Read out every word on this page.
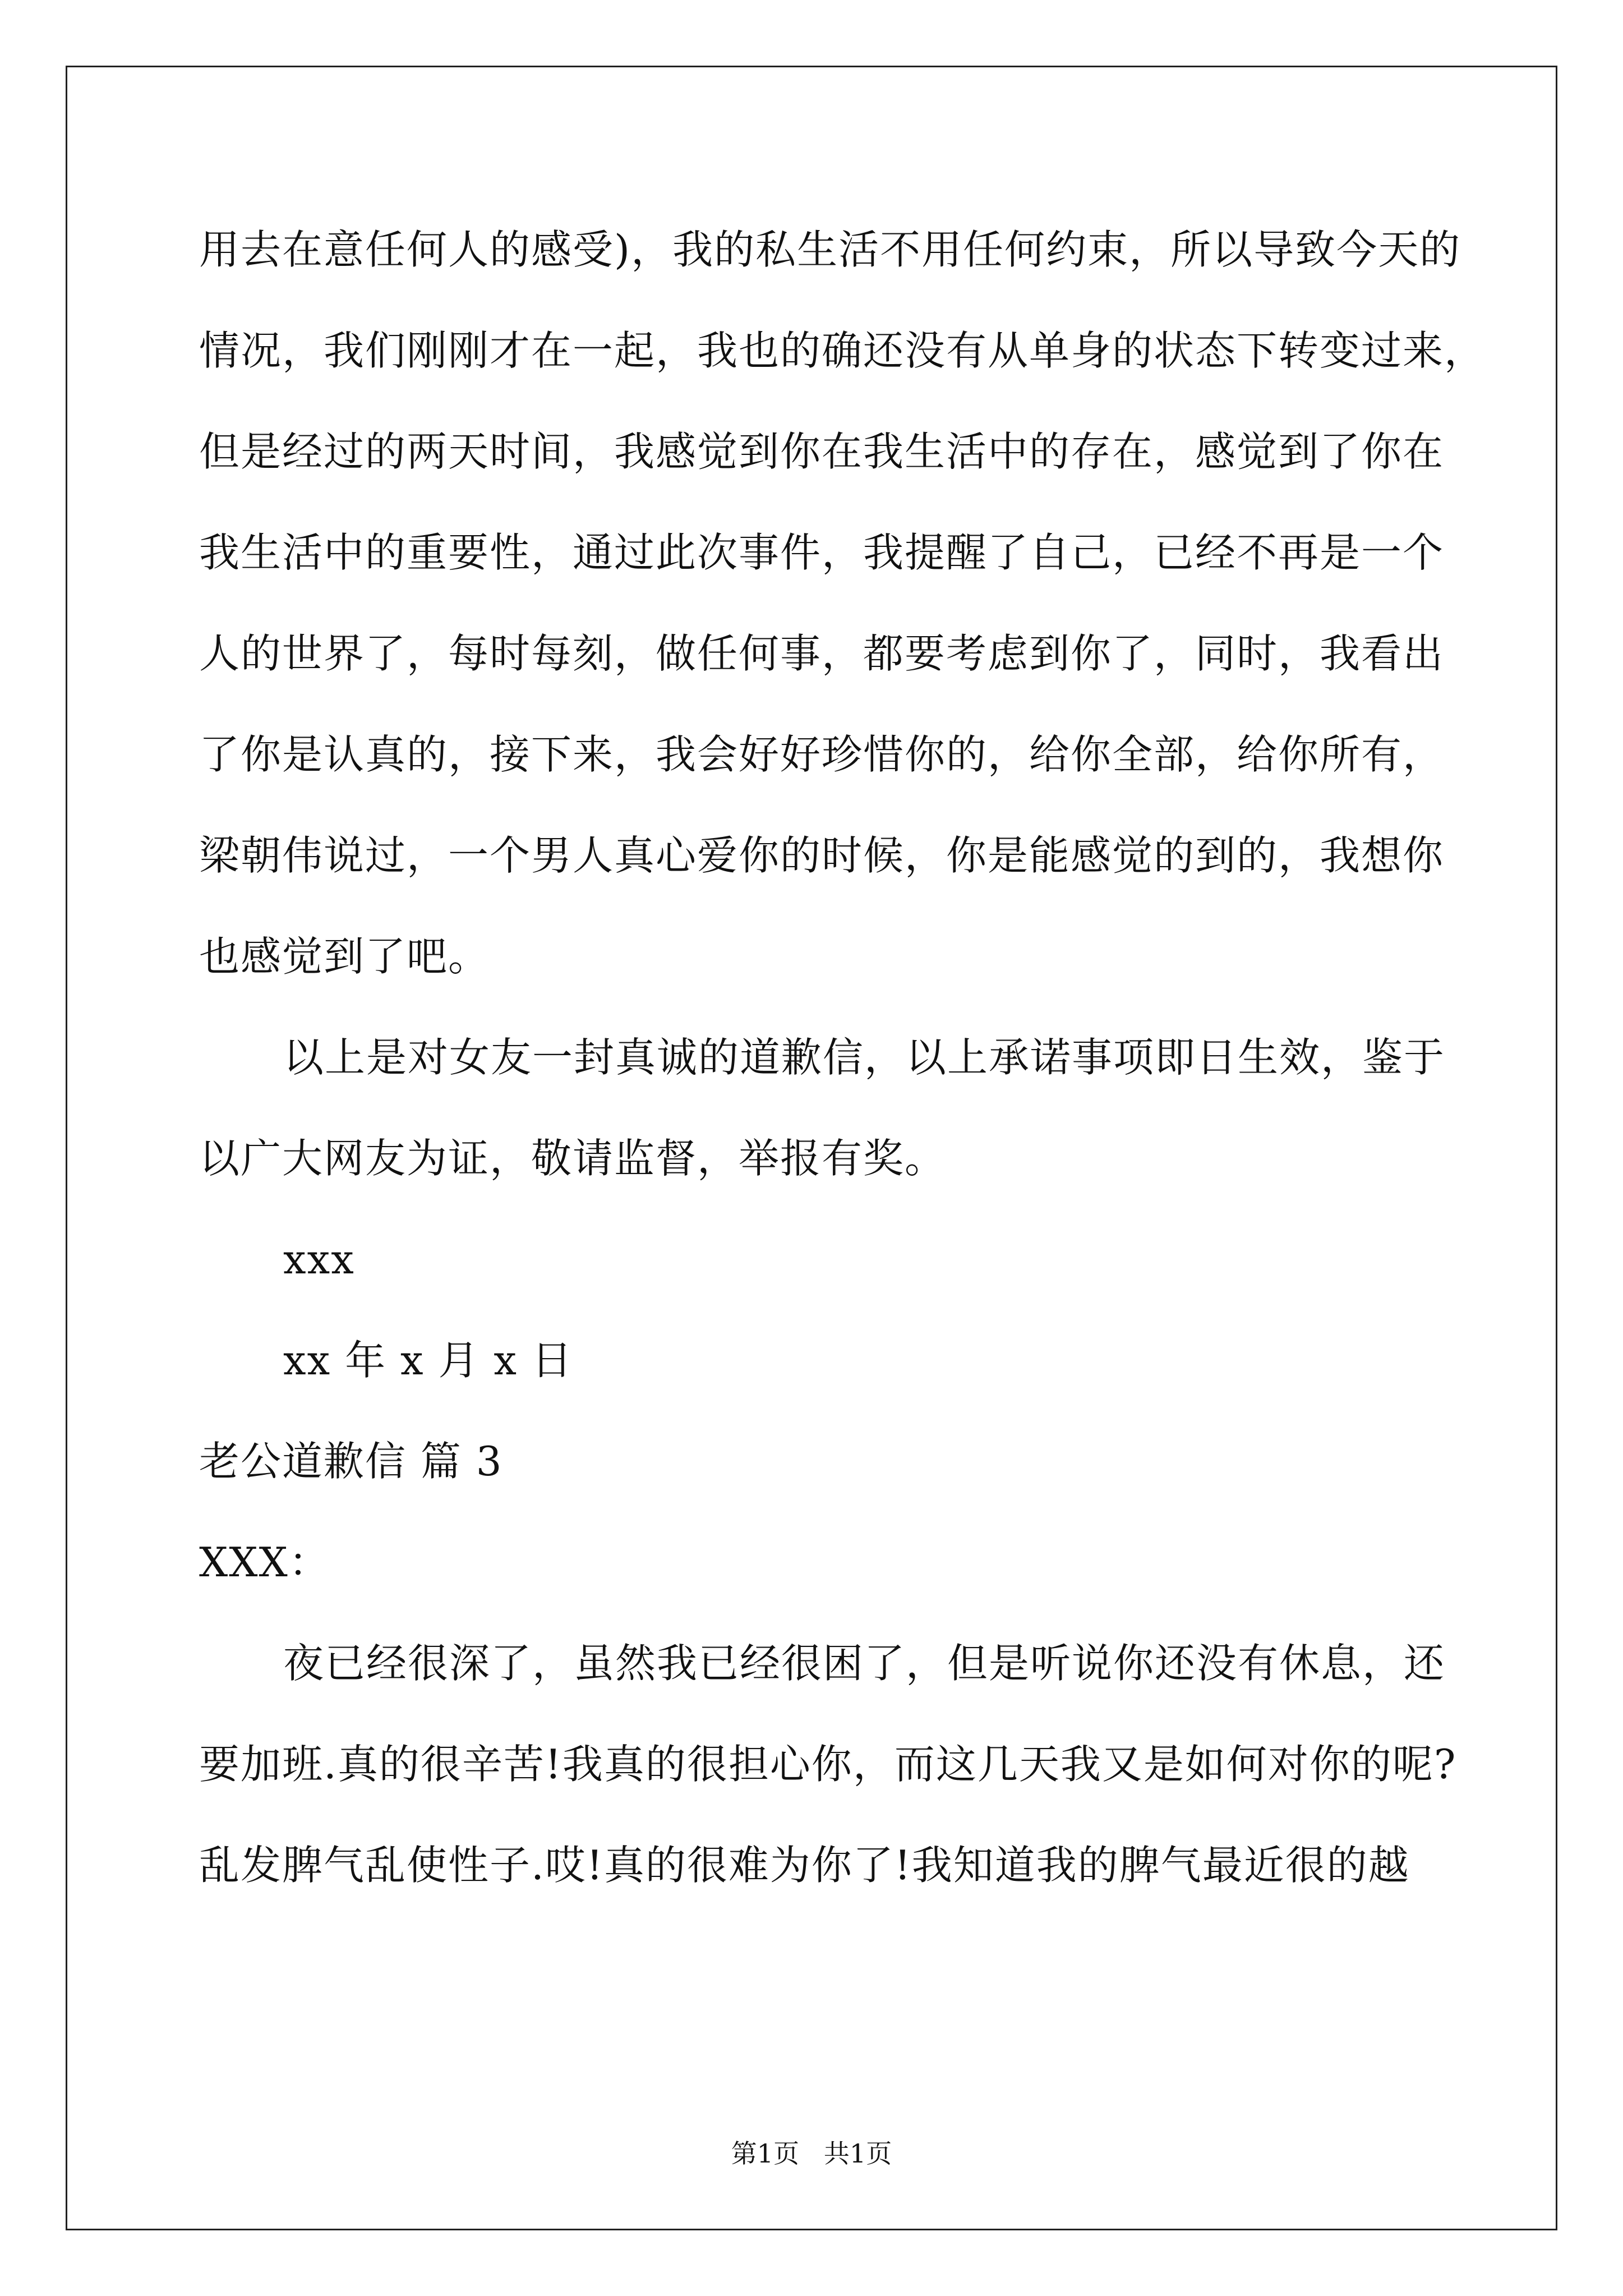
用去在意任何人的感受)，我的私生活不用任何约束，所以导致今天的
情况，我们刚刚才在一起，我也的确还没有从单身的状态下转变过来，
但是经过的两天时间，我感觉到你在我生活中的存在，感觉到了你在
我生活中的重要性，通过此次事件，我提醒了自己，已经不再是一个
人的世界了，每时每刻，做任何事，都要考虑到你了，同时，我看出
了你是认真的，接下来，我会好好珍惜你的，给你全部，给你所有，
梁朝伟说过，一个男人真心爱你的时候，你是能感觉的到的，我想你
也感觉到了吧。
以上是对女友一封真诚的道歉信，以上承诺事项即日生效，鉴于
以广大网友为证，敬请监督，举报有奖。
xxx
xx 年 x 月 x 日
老公道歉信 篇 3
XXX：
夜已经很深了，虽然我已经很困了，但是听说你还没有休息，还
要加班.真的很辛苦!我真的很担心你，而这几天我又是如何对你的呢?
乱发脾气乱使性子.哎!真的很难为你了!我知道我的脾气最近很的越
第1页   共1页
